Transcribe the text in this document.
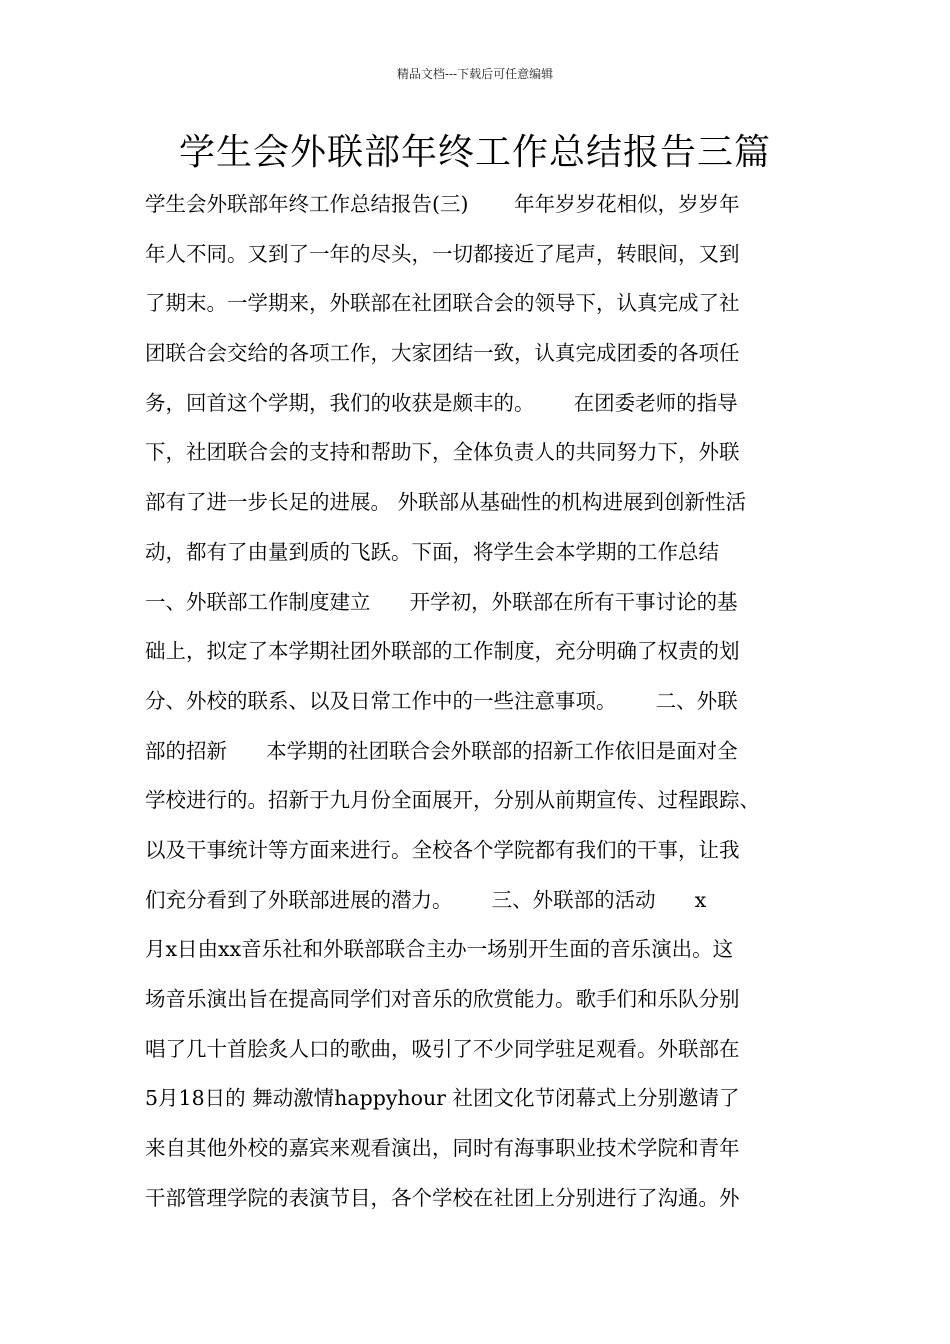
精品文档---下载后可任意编辑
学生会外联部年终工作总结报告三篇
学生会外联部年终工作总结报告(三)       年年岁岁花相似，岁岁年
年人不同。又到了一年的尽头，一切都接近了尾声，转眼间，又到
了期末。一学期来，外联部在社团联合会的领导下，认真完成了社
团联合会交给的各项工作，大家团结一致，认真完成团委的各项任
务，回首这个学期，我们的收获是颇丰的。      在团委老师的指导
下，社团联合会的支持和帮助下，全体负责人的共同努力下，外联
部有了进一步长足的进展。 外联部从基础性的机构进展到创新性活
动，都有了由量到质的飞跃。下面，将学生会本学期的工作总结
一、外联部工作制度建立      开学初，外联部在所有干事讨论的基
础上，拟定了本学期社团外联部的工作制度，充分明确了权责的划
分、外校的联系、以及日常工作中的一些注意事项。      二、外联
部的招新      本学期的社团联合会外联部的招新工作依旧是面对全
学校进行的。招新于九月份全面展开，分别从前期宣传、过程跟踪、
以及干事统计等方面来进行。全校各个学院都有我们的干事，让我
们充分看到了外联部进展的潜力。      三、外联部的活动      x
月x日由xx音乐社和外联部联合主办一场别开生面的音乐演出。这
场音乐演出旨在提高同学们对音乐的欣赏能力。歌手们和乐队分别
唱了几十首脍炙人口的歌曲，吸引了不少同学驻足观看。外联部在
5月18日的 舞动激情happyhour 社团文化节闭幕式上分别邀请了
来自其他外校的嘉宾来观看演出，同时有海事职业技术学院和青年
干部管理学院的表演节目，各个学校在社团上分别进行了沟通。外
